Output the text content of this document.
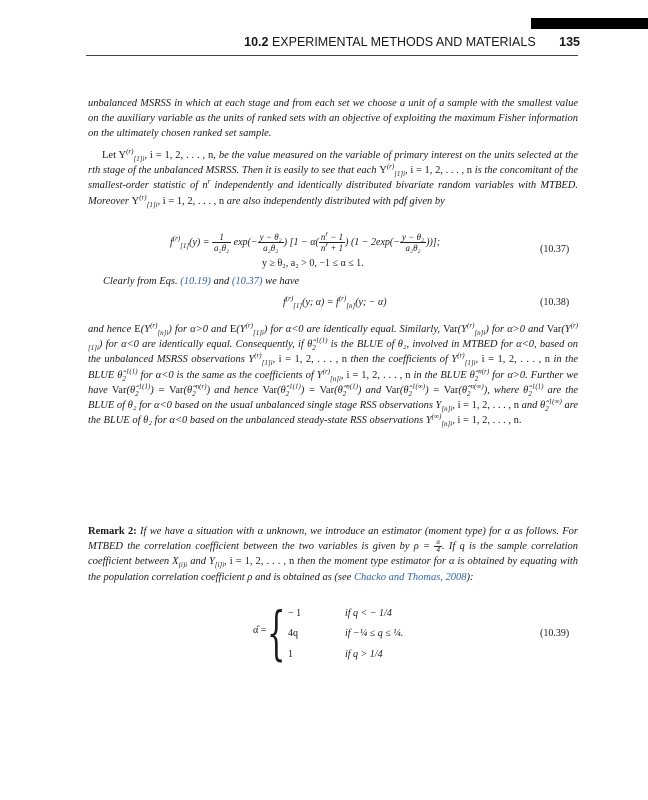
10.2 EXPERIMENTAL METHODS AND MATERIALS 135

unbalanced MSRSS in which at each stage and from each set we choose a unit of a sample with the smallest value on the auxiliary variable as the units of ranked sets with an objective of exploiting the maximum Fisher information on the ultimately chosen ranked set sample.

Let $Y^{(r)}_{[1]i}$, i = 1, 2, . . . , n, be the value measured on the variable of primary interest on the units selected at the rth stage of the unbalanced MSRSS. Then it is easily to see that each $Y^{(r)}_{[1]i}$, i = 1, 2, . . . , n is the concomitant of the smallest-order statistic of $n^r$ independently and identically distributed bivariate random variables with MTBED. Moreover $Y^{(r)}_{[1]i}$, i = 1, 2, . . . , n are also independently distributed with pdf given by

$f^{(r)}_{[1]}(y) = \frac{1}{\text{a₂θ₂}} \exp(- \frac{\text{y − θ₂}}{\text{a₂θ₂}}$ ) [$1 - \alpha( \frac{n^r - 1}{n^r + 1}$ ) ($1 - 2\exp(- \frac{\text{y − θ₂}}{\text{a₂θ₂}}$ ))];
y ≥ θ₂, a₂ > 0, −1 ≤ α ≤ 1.
(10.37)

Clearly from Eqs. (10.19) and (10.37) we have

$f^{(r)}_{[1]}(y$; $\alpha) = f^{(r)}_{[n]}(y$; − α)	(10.38)

and hence $E(Y^{(r)}_{[n]i})$ for α>0 and $E(Y^{(r)}_{[1]i})$ for α<0 are identically equal. Similarly, $Var(Y^{(r)}_{[n]i})$ for α>0 and $Var(Y^{(r)}_{[1]i})$ for α<0 are identically equal. Consequently, if $\thetâ_2^{1(1)}$ is the BLUE of θ₂, involved in MTBED for α<0, based on the unbalanced MSRSS observations $Y^{(r)}_{[1]i}$, i = 1, 2, . . . , n then the coefficients of $Y^{(r)}_{[1]i}$, i = 1, 2, . . . , n in the BLUE $\thetâ_2^{1(1)}$ for α<0 is the same as the coefficients of $Y^{(r)}_{[n]i}$, i = 1, 2, . . . , n in the BLUE $\thetâ_2^{n(r)}$ for α>0. Further we have $Var(\thetâ_2^{1(1)})$ = $Var(\thetâ_2^{n(r)})$ and hence $Var(\thetâ_2^{1(1)})$ = $Var(\thetâ_2^{n(1)})$ and $Var(\thetâ_2^{1(\infty)})$ = $Var(\thetâ_2^{n(\infty)})$, where $\thetâ_2^{1(1)}$ are the BLUE of θ₂ for α<0 based on the usual unbalanced single stage RSS observations $Y_{[n]i}$, i = 1, 2, . . . , n and $\thetâ_2^{1(\infty)}$ are the BLUE of θ₂ for α<0 based on the unbalanced steady-state RSS observations $Y^{(\infty)}_{[n]i}$, i = 1, 2, . . . , n.

Remark 2: If we have a situation with α unknown, we introduce an estimator (moment type) for α as follows. For MTBED the correlation coefficient between the two variables is given by $\rho = \frac{\alpha}{4}$ . If q is the sample correlation coefficient between $X_{(i)i}$ and $Y_{[i]i}$, i = 1, 2, . . . , n then the moment type estimator for α is obtained by equating with the population correlation coefficient ρ and is obtained as (see Chacko and Thomas, 2008):

α̂ = { − 1	if q < − 1/4
4q	if −¼ ≤ q ≤ ¼.
1	if q > 1/4
(10.39)
